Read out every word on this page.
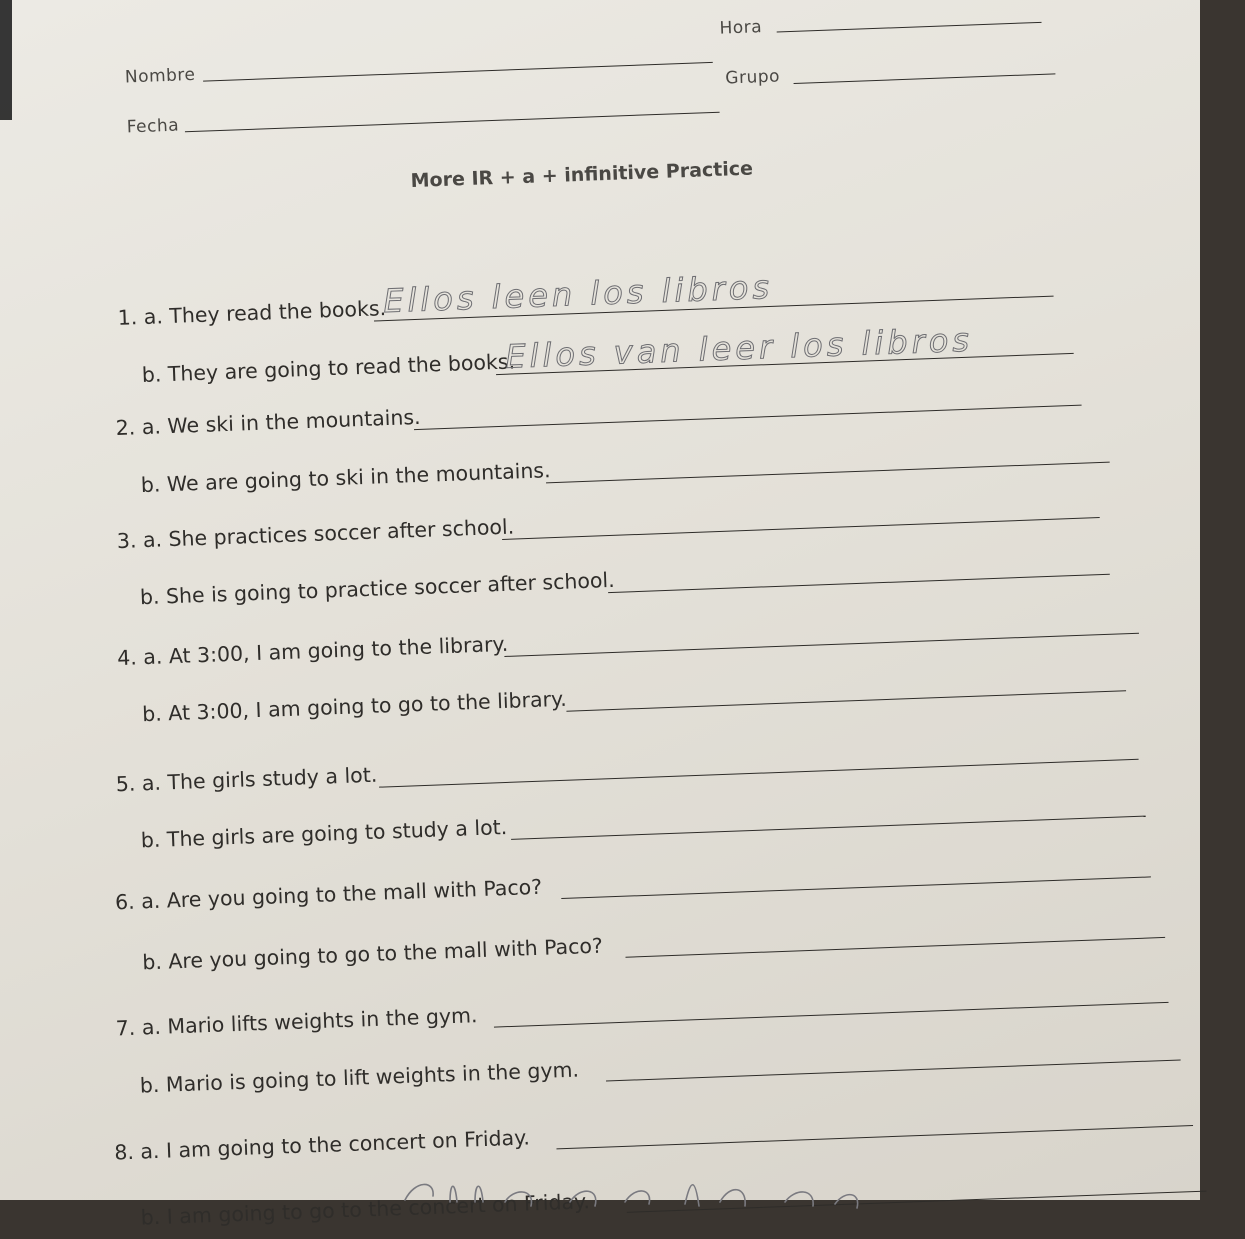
Nombre
Fecha
Hora
Grupo
More IR + a + infinitive Practice
1. a. They read the books.
Ellos leen los libros
b. They are going to read the books.
Ellos van leer los libros
2. a. We ski in the mountains.
b. We are going to ski in the mountains.
3. a. She practices soccer after school.
b. She is going to practice soccer after school.
4. a. At 3:00, I am going to the library.
b. At 3:00, I am going to go to the library.
5. a. The girls study a lot.
b. The girls are going to study a lot.
6. a. Are you going to the mall with Paco?
b. Are you going to go to the mall with Paco?
7. a. Mario lifts weights in the gym.
b. Mario is going to lift weights in the gym.
8. a. I am going to the concert on Friday.
b. I am going to go to the concert on Friday.
